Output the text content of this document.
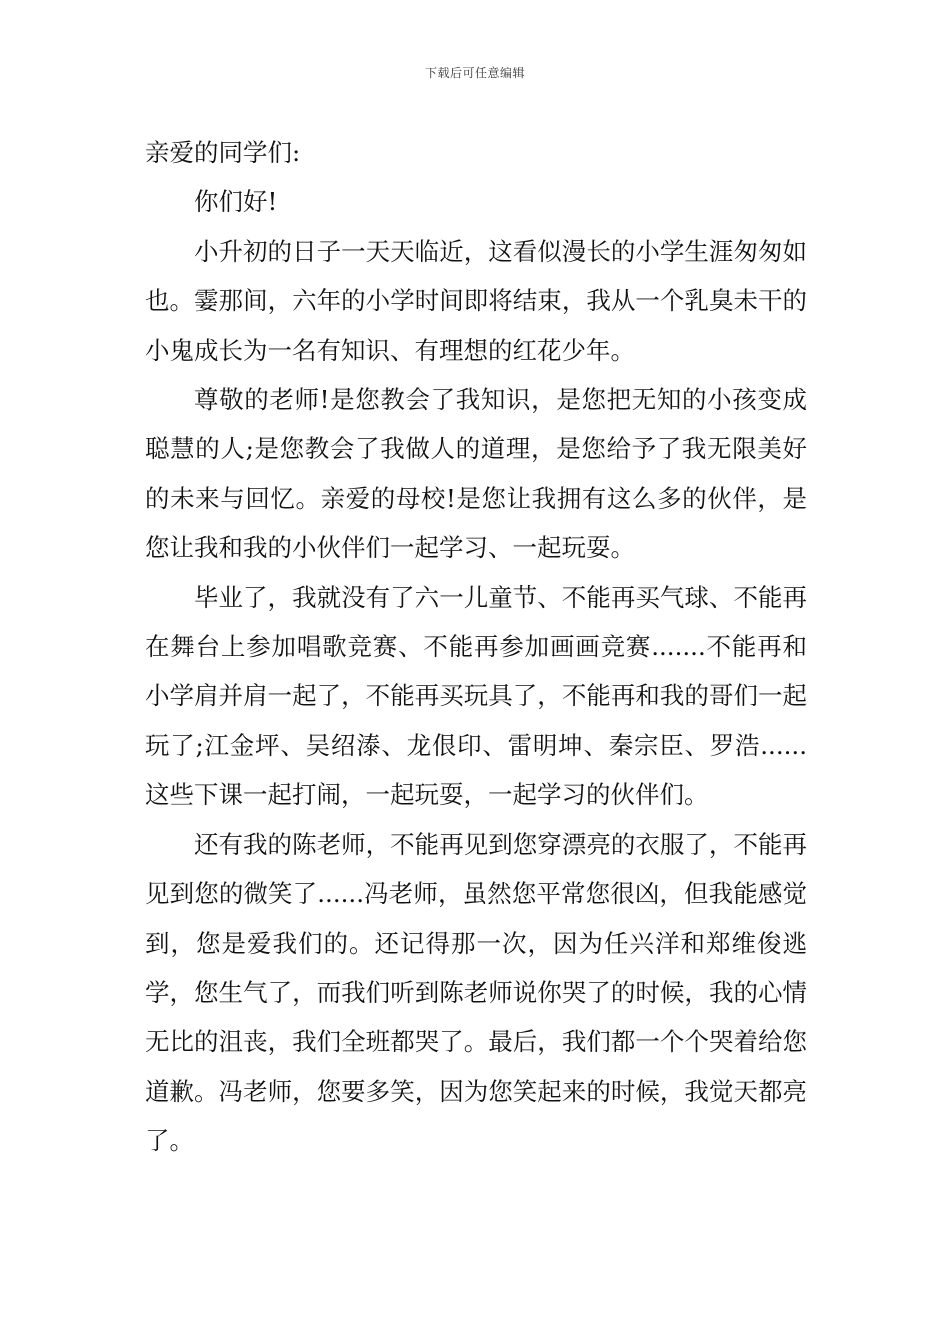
下载后可任意编辑

亲爱的同学们:

你们好!

小升初的日子一天天临近，这看似漫长的小学生涯匆匆如也。霎那间，六年的小学时间即将结束，我从一个乳臭未干的小鬼成长为一名有知识、有理想的红花少年。

尊敬的老师!是您教会了我知识，是您把无知的小孩变成聪慧的人;是您教会了我做人的道理，是您给予了我无限美好的未来与回忆。亲爱的母校!是您让我拥有这么多的伙伴，是您让我和我的小伙伴们一起学习、一起玩耍。

毕业了，我就没有了六一儿童节、不能再买气球、不能再在舞台上参加唱歌竞赛、不能再参加画画竞赛.......不能再和小学肩并肩一起了，不能再买玩具了，不能再和我的哥们一起玩了;江金坪、吴绍溙、龙佷印、雷明坤、秦宗臣、罗浩......这些下课一起打闹，一起玩耍，一起学习的伙伴们。

还有我的陈老师，不能再见到您穿漂亮的衣服了，不能再见到您的微笑了......冯老师，虽然您平常您很凶，但我能感觉到，您是爱我们的。还记得那一次，因为任兴洋和郑维俊逃学，您生气了，而我们听到陈老师说你哭了的时候，我的心情无比的沮丧，我们全班都哭了。最后，我们都一个个哭着给您道歉。冯老师，您要多笑，因为您笑起来的时候，我觉天都亮了。
